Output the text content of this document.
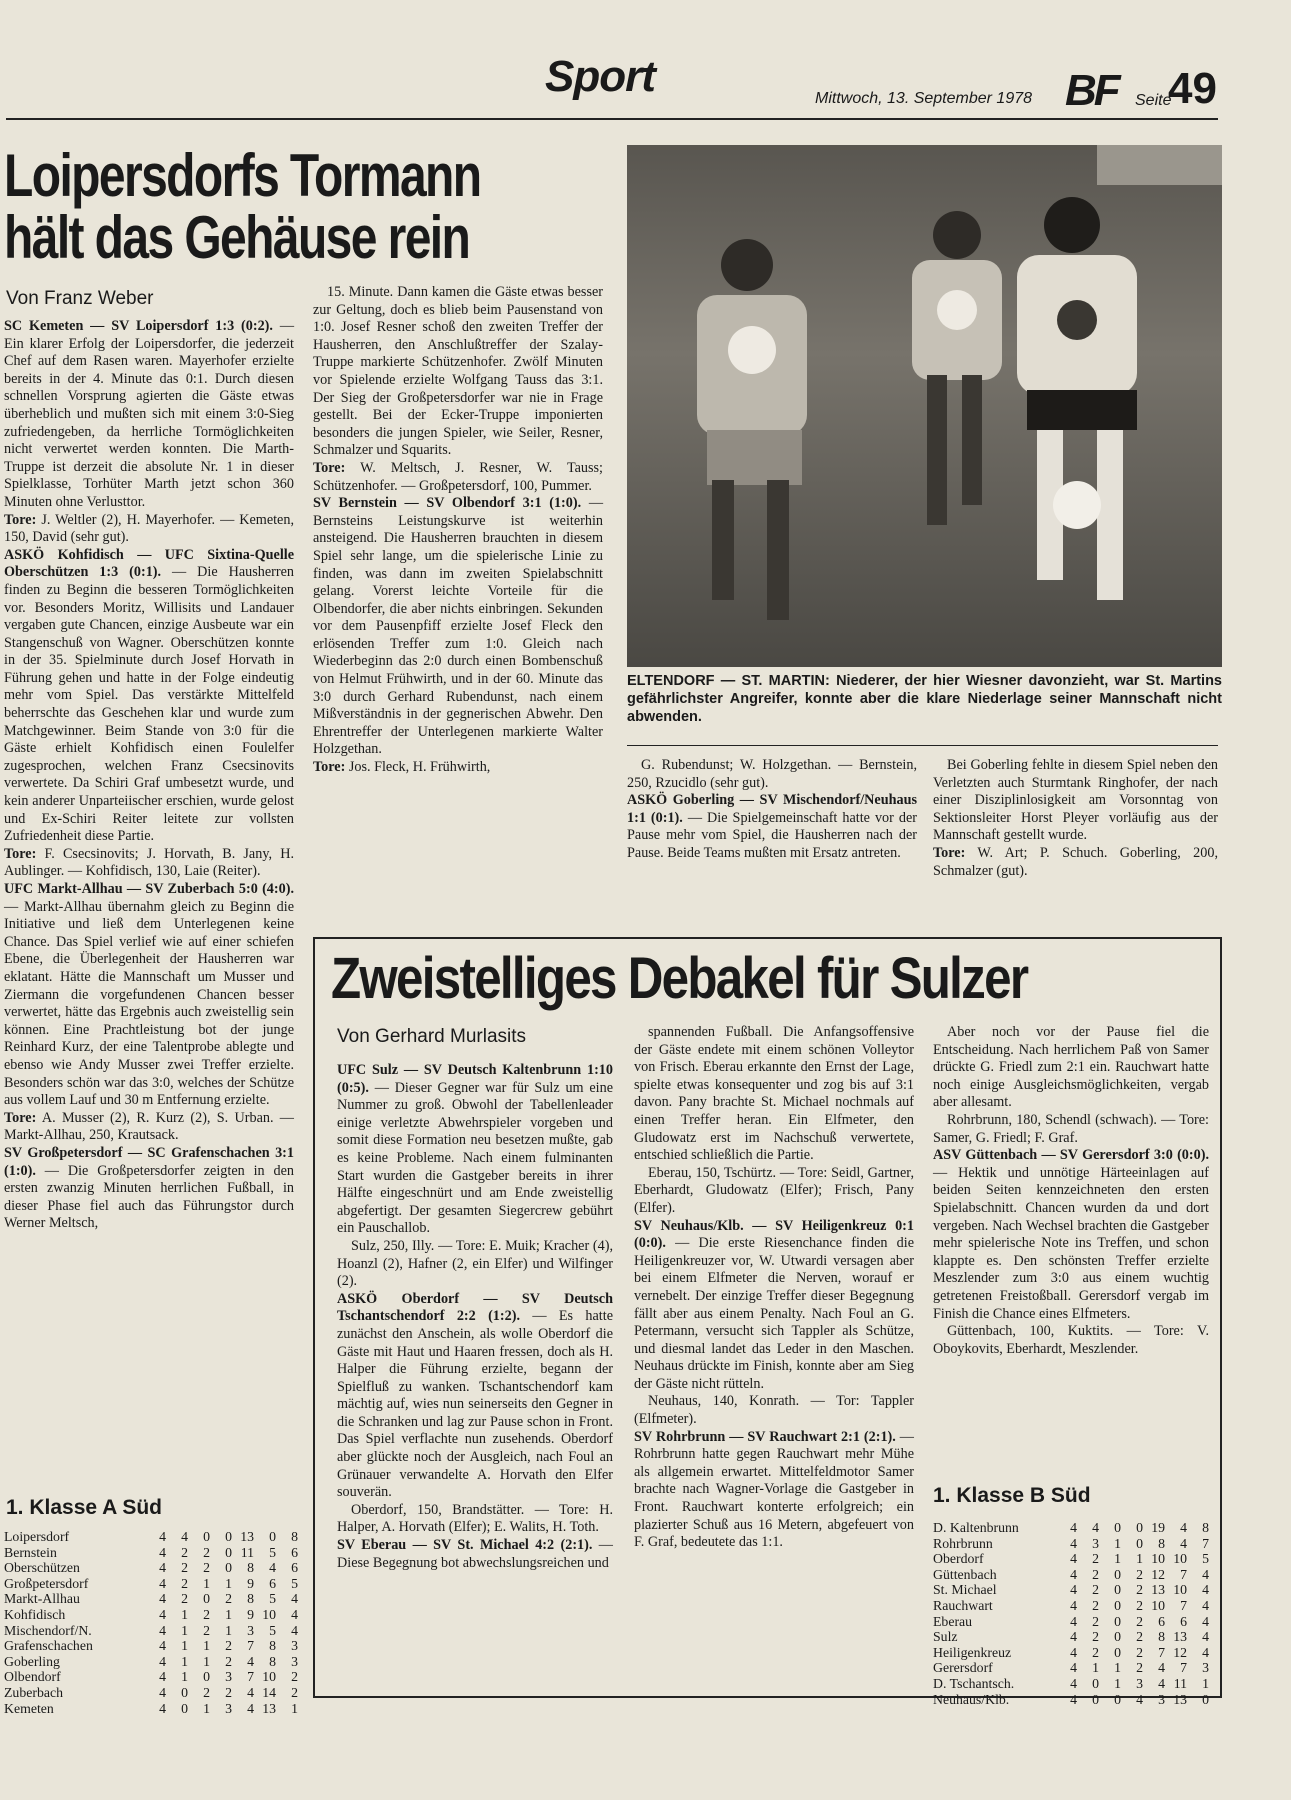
Sport	Mittwoch, 13. September 1978 BF Seite
49
Loipersdorfs Tormann
hält das Gehäuse rein
Von Franz Weber

SC Kemeten — SV Loipersdorf 1:3 (0:2). — Ein klarer Erfolg der Loipersdorfer, die jederzeit Chef auf dem Rasen waren. Mayerhofer erzielte bereits in der 4. Minute das 0:1. Durch diesen schnellen Vorsprung agierten die Gäste etwas überheblich und mußten sich mit einem 3:0-Sieg zufriedengeben, da herrliche Tormöglichkeiten nicht verwertet werden konnten. Die Marth-Truppe ist derzeit die absolute Nr. 1 in dieser Spielklasse, Torhüter Marth jetzt schon 360 Minuten ohne Verlusttor.

Tore: J. Weltler (2), H. Mayerhofer. — Kemeten, 150, David (sehr gut).

ASKÖ Kohfidisch — UFC Sixtina-Quelle Oberschützen 1:3 (0:1). — Die Hausherren finden zu Beginn die besseren Tormöglichkeiten vor. Besonders Moritz, Willisits und Landauer vergaben gute Chancen, einzige Ausbeute war ein Stangenschuß von Wagner. Oberschützen konnte in der 35. Spielminute durch Josef Horvath in Führung gehen und hatte in der Folge eindeutig mehr vom Spiel. Das verstärkte Mittelfeld beherrschte das Geschehen klar und wurde zum Matchgewinner. Beim Stande von 3:0 für die Gäste erhielt Kohfidisch einen Foulelfer zugesprochen, welchen Franz Csecsinovits verwertete. Da Schiri Graf umbesetzt wurde, und kein anderer Unparteiischer erschien, wurde gelost und Ex-Schiri Reiter leitete zur vollsten Zufriedenheit diese Partie.

Tore: F. Csecsinovits; J. Horvath, B. Jany, H. Aublinger. — Kohfidisch, 130, Laie (Reiter).

UFC Markt-Allhau — SV Zuberbach 5:0 (4:0). — Markt-Allhau übernahm gleich zu Beginn die Initiative und ließ dem Unterlegenen keine Chance. Das Spiel verlief wie auf einer schiefen Ebene, die Überlegenheit der Hausherren war eklatant. Hätte die Mannschaft um Musser und Ziermann die vorgefundenen Chancen besser verwertet, hätte das Ergebnis auch zweistellig sein können. Eine Prachtleistung bot der junge Reinhard Kurz, der eine Talentprobe ablegte und ebenso wie Andy Musser zwei Treffer erzielte. Besonders schön war das 3:0, welches der Schütze aus vollem Lauf und 30 m Entfernung erzielte.

Tore: A. Musser (2), R. Kurz (2), S. Urban. — Markt-Allhau, 250, Krautsack.

SV Großpetersdorf — SC Grafenschachen 3:1 (1:0). — Die Großpetersdorfer zeigten in den ersten zwanzig Minuten herrlichen Fußball, in dieser Phase fiel auch das Führungstor durch Werner Meltsch,

15. Minute. Dann kamen die Gäste etwas besser zur Geltung, doch es blieb beim Pausenstand von 1:0. Josef Resner schoß den zweiten Treffer der Hausherren, den Anschlußtreffer der Szalay-Truppe markierte Schützenhofer. Zwölf Minuten vor Spielende erzielte Wolfgang Tauss das 3:1. Der Sieg der Großpetersdorfer war nie in Frage gestellt. Bei der Ecker-Truppe imponierten besonders die jungen Spieler, wie Seiler, Resner, Schmalzer und Squarits.

Tore: W. Meltsch, J. Resner, W. Tauss; Schützenhofer. — Großpetersdorf, 100, Pummer.

SV Bernstein — SV Olbendorf 3:1 (1:0). — Bernsteins Leistungskurve ist weiterhin ansteigend. Die Hausherren brauchten in diesem Spiel sehr lange, um die spielerische Linie zu finden, was dann im zweiten Spielabschnitt gelang. Vorerst leichte Vorteile für die Olbendorfer, die aber nichts einbringen. Sekunden vor dem Pausenpfiff erzielte Josef Fleck den erlösenden Treffer zum 1:0. Gleich nach Wiederbeginn das 2:0 durch einen Bombenschuß von Helmut Frühwirth, und in der 60. Minute das 3:0 durch Gerhard Rubendunst, nach einem Mißverständnis in der gegnerischen Abwehr. Den Ehrentreffer der Unterlegenen markierte Walter Holzgethan.

Tore: Jos. Fleck, H. Frühwirth,

ELTENDORF — ST. MARTIN: Niederer, der hier Wiesner davonzieht, war St. Martins gefährlichster Angreifer, konnte aber die klare Niederlage seiner Mannschaft nicht abwenden.

G. Rubendunst; W. Holzgethan. — Bernstein, 250, Rzucidlo (sehr gut).

ASKÖ Goberling — SV Mischendorf/Neuhaus 1:1 (0:1). — Die Spielgemeinschaft hatte vor der Pause mehr vom Spiel, die Hausherren nach der Pause. Beide Teams mußten mit Ersatz antreten.

Bei Goberling fehlte in diesem Spiel neben den Verletzten auch Sturmtank Ringhofer, der nach einer Disziplinlosigkeit am Vorsonntag von Sektionsleiter Horst Pleyer vorläufig aus der Mannschaft gestellt wurde.

Tore: W. Art; P. Schuch. Goberling, 200, Schmalzer (gut).

1. Klasse A Süd
Loipersdorf	4	4	0	0	13	0	8
Bernstein	4	2	2	0	11	5	6
Oberschützen	4	2	2	0	8	4	6
Großpetersdorf	4	2	1	1	9	6	5
Markt-Allhau	4	2	0	2	8	5	4
Kohfidisch	4	1	2	1	9	10	4
Mischendorf/N.	4	1	2	1	3	5	4
Grafenschachen	4	1	1	2	7	8	3
Goberling	4	1	1	2	4	8	3
Olbendorf	4	1	0	3	7	10	2
Zuberbach	4	0	2	2	4	14	2
Kemeten	4	0	1	3	4	13	1
Zweistelliges Debakel für Sulzer
Von Gerhard Murlasits

UFC Sulz — SV Deutsch Kaltenbrunn 1:10 (0:5). — Dieser Gegner war für Sulz um eine Nummer zu groß. Obwohl der Tabellenleader einige verletzte Abwehrspieler vorgeben und somit diese Formation neu besetzen mußte, gab es keine Probleme. Nach einem fulminanten Start wurden die Gastgeber bereits in ihrer Hälfte eingeschnürt und am Ende zweistellig abgefertigt. Der gesamten Siegercrew gebührt ein Pauschallob.

Sulz, 250, Illy. — Tore: E. Muik; Kracher (4), Hoanzl (2), Hafner (2, ein Elfer) und Wilfinger (2).

ASKÖ Oberdorf — SV Deutsch Tschantschendorf 2:2 (1:2). — Es hatte zunächst den Anschein, als wolle Oberdorf die Gäste mit Haut und Haaren fressen, doch als H. Halper die Führung erzielte, begann der Spielfluß zu wanken. Tschantschendorf kam mächtig auf, wies nun seinerseits den Gegner in die Schranken und lag zur Pause schon in Front. Das Spiel verflachte nun zusehends. Oberdorf aber glückte noch der Ausgleich, nach Foul an Grünauer verwandelte A. Horvath den Elfer souverän.

Oberdorf, 150, Brandstätter. — Tore: H. Halper, A. Horvath (Elfer); E. Walits, H. Toth.

SV Eberau — SV St. Michael 4:2 (2:1). — Diese Begegnung bot abwechslungsreichen und

spannenden Fußball. Die Anfangsoffensive der Gäste endete mit einem schönen Volleytor von Frisch. Eberau erkannte den Ernst der Lage, spielte etwas konsequenter und zog bis auf 3:1 davon. Pany brachte St. Michael nochmals auf einen Treffer heran. Ein Elfmeter, den Gludowatz erst im Nachschuß verwertete, entschied schließlich die Partie.

Eberau, 150, Tschürtz. — Tore: Seidl, Gartner, Eberhardt, Gludowatz (Elfer); Frisch, Pany (Elfer).

SV Neuhaus/Klb. — SV Heiligenkreuz 0:1 (0:0). — Die erste Riesenchance finden die Heiligenkreuzer vor, W. Utwardi versagen aber bei einem Elfmeter die Nerven, worauf er vernebelt. Der einzige Treffer dieser Begegnung fällt aber aus einem Penalty. Nach Foul an G. Petermann, versucht sich Tappler als Schütze, und diesmal landet das Leder in den Maschen. Neuhaus drückte im Finish, konnte aber am Sieg der Gäste nicht rütteln.

Neuhaus, 140, Konrath. — Tor: Tappler (Elfmeter).

SV Rohrbrunn — SV Rauchwart 2:1 (2:1). — Rohrbrunn hatte gegen Rauchwart mehr Mühe als allgemein erwartet. Mittelfeldmotor Samer brachte nach Wagner-Vorlage die Gastgeber in Front. Rauchwart konterte erfolgreich; ein plazierter Schuß aus 16 Metern, abgefeuert von F. Graf, bedeutete das 1:1.

Aber noch vor der Pause fiel die Entscheidung. Nach herrlichem Paß von Samer drückte G. Friedl zum 2:1 ein. Rauchwart hatte noch einige Ausgleichsmöglichkeiten, vergab aber allesamt.

Rohrbrunn, 180, Schendl (schwach). — Tore: Samer, G. Friedl; F. Graf.

ASV Güttenbach — SV Gerersdorf 3:0 (0:0). — Hektik und unnötige Härteeinlagen auf beiden Seiten kennzeichneten den ersten Spielabschnitt. Chancen wurden da und dort vergeben. Nach Wechsel brachten die Gastgeber mehr spielerische Note ins Treffen, und schon klappte es. Den schönsten Treffer erzielte Meszlender zum 3:0 aus einem wuchtig getretenen Freistoßball. Gerersdorf vergab im Finish die Chance eines Elfmeters.

Güttenbach, 100, Kuktits. — Tore: V. Oboykovits, Eberhardt, Meszlender.

1. Klasse B Süd
D. Kaltenbrunn	4	4	0	0	19	4	8
Rohrbrunn	4	3	1	0	8	4	7
Oberdorf	4	2	1	1	10	10	5
Güttenbach	4	2	0	2	12	7	4
St. Michael	4	2	0	2	13	10	4
Rauchwart	4	2	0	2	10	7	4
Eberau	4	2	0	2	6	6	4
Sulz	4	2	0	2	8	13	4
Heiligenkreuz	4	2	0	2	7	12	4
Gerersdorf	4	1	1	2	4	7	3
D. Tschantsch.	4	0	1	3	4	11	1
Neuhaus/Klb.	4	0	0	4	3	13	0
